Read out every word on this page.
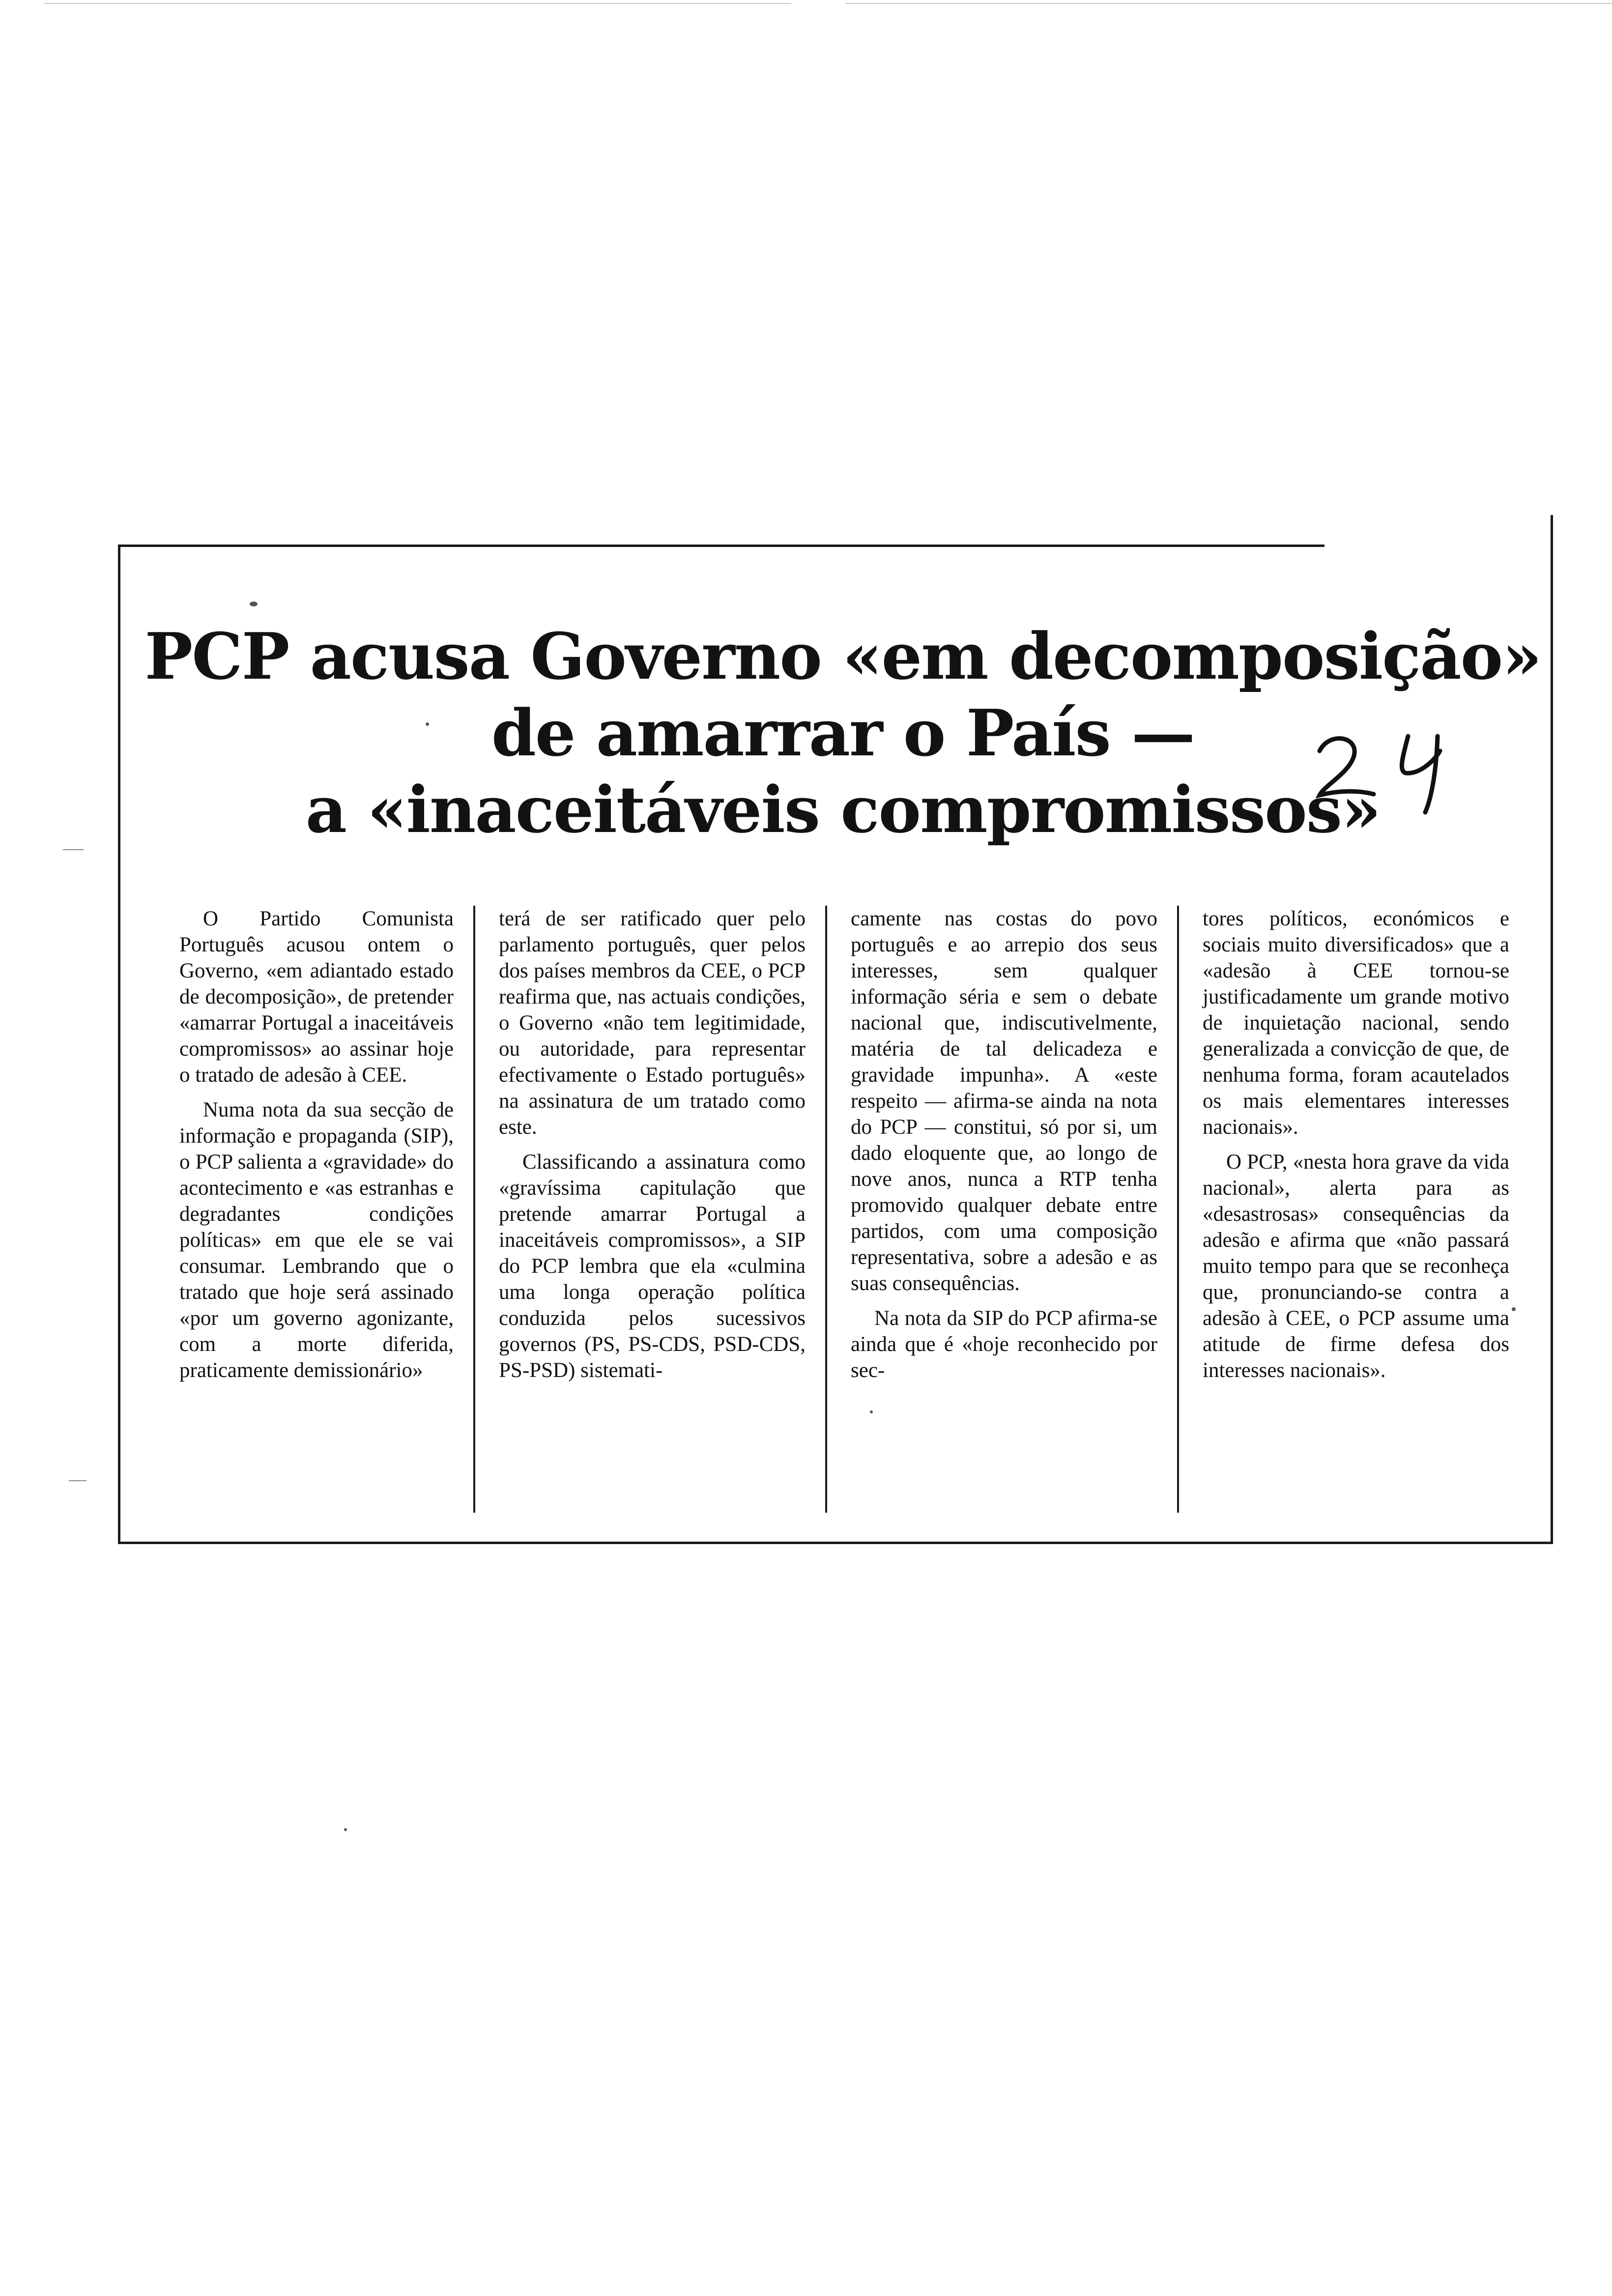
PCP acusa Governo «em decomposição»
de amarrar o País —
a «inaceitáveis compromissos»

O Partido Comunista Português acusou ontem o Governo, «em adiantado estado de decomposição», de pretender «amarrar Portugal a inaceitáveis compromissos» ao assinar hoje o tratado de adesão à CEE.

Numa nota da sua secção de informação e propaganda (SIP), o PCP salienta a «gravidade» do acontecimento e «as estranhas e degradantes condições políticas» em que ele se vai consumar. Lembrando que o tratado que hoje será assinado «por um governo agonizante, com a morte diferida, praticamente demissionário»

terá de ser ratificado quer pelo parlamento português, quer pelos dos países membros da CEE, o PCP reafirma que, nas actuais condições, o Governo «não tem legitimidade, ou autoridade, para representar efectivamente o Estado português» na assinatura de um tratado como este.

Classificando a assinatura como «gravíssima capitulação que pretende amarrar Portugal a inaceitáveis compromissos», a SIP do PCP lembra que ela «culmina uma longa operação política conduzida pelos sucessivos governos (PS, PS-CDS, PSD-CDS, PS-PSD) sistemati-

camente nas costas do povo português e ao arrepio dos seus interesses, sem qualquer informação séria e sem o debate nacional que, indiscutivelmente, matéria de tal delicadeza e gravidade impunha». A «este respeito — afirma-se ainda na nota do PCP — constitui, só por si, um dado eloquente que, ao longo de nove anos, nunca a RTP tenha promovido qualquer debate entre partidos, com uma composição representativa, sobre a adesão e as suas consequências.

Na nota da SIP do PCP afirma-se ainda que é «hoje reconhecido por sec-

tores políticos, económicos e sociais muito diversificados» que a «adesão à CEE tornou-se justificadamente um grande motivo de inquietação nacional, sendo generalizada a convicção de que, de nenhuma forma, foram acautelados os mais elementares interesses nacionais».

O PCP, «nesta hora grave da vida nacional», alerta para as «desastrosas» consequências da adesão e afirma que «não passará muito tempo para que se reconheça que, pronunciando-se contra a adesão à CEE, o PCP assume uma atitude de firme defesa dos interesses nacionais».
